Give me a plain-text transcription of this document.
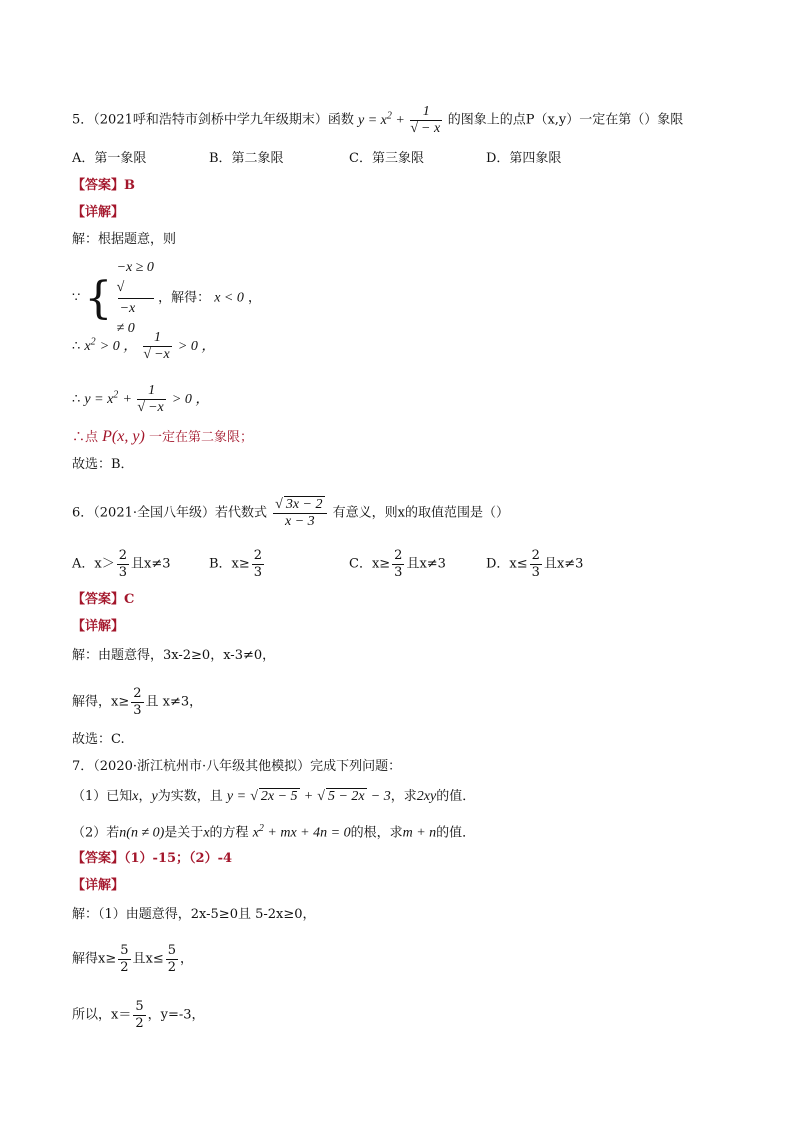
5．（2021呼和浩特市剑桥中学九年级期末）函数 $y = x^2 + \frac{1}{√ - x}$ 的图象上的点P（x,y）一定在第（）象限
A．第一象限	B．第二象限	C．第三象限	D．第四象限
【答案】B
【详解】
解：根据题意，则
∵ {
−x ≥ 0
√
−x
≠ 0
，解得： x < 0 ，
∴ $x^2 > 0$ ， $\frac{1}{√ -x} > 0$ ，
∴ $y = x^2 + \frac{1}{√ -x} > 0$ ，
∴点 P(x, y) 一定在第二象限；
故选：B．
6．（2021·全国八年级）若代数式 $\frac{√ 3x - 2}{x - 3}$ 有意义，则x的取值范围是（）
A．$x> \frac{2}{3}$ 且x≠3	B．$x\ge \frac{2}{3}$	C．$x\ge \frac{2}{3}$ 且x≠3	D．$x\le \frac{2}{3}$ 且x≠3
【答案】C
【详解】
解：由题意得，3x-2≥0，x-3≠0，
解得，$x\ge \frac{2}{3}$ 且 x≠3，
故选：C.
7．（2020·浙江杭州市·八年级其他模拟）完成下列问题：
（1）已知x，y为实数，且 y = √ 2x − 5 + √ 5 − 2x − 3，求2xy的值．
（2）若n(n ≠ 0)是关于x的方程 $x^2$ + mx + 4n = 0的根，求m + n的值．
【答案】（1）-15；（2）-4
【详解】
解：（1）由题意得，2x-5≥0且 5-2x≥0，
解得$x\ge \frac{5}{2}$ 且$x\le \frac{5}{2}$ ，
所以，$x= \frac{5}{2}$ ，y=-3，
